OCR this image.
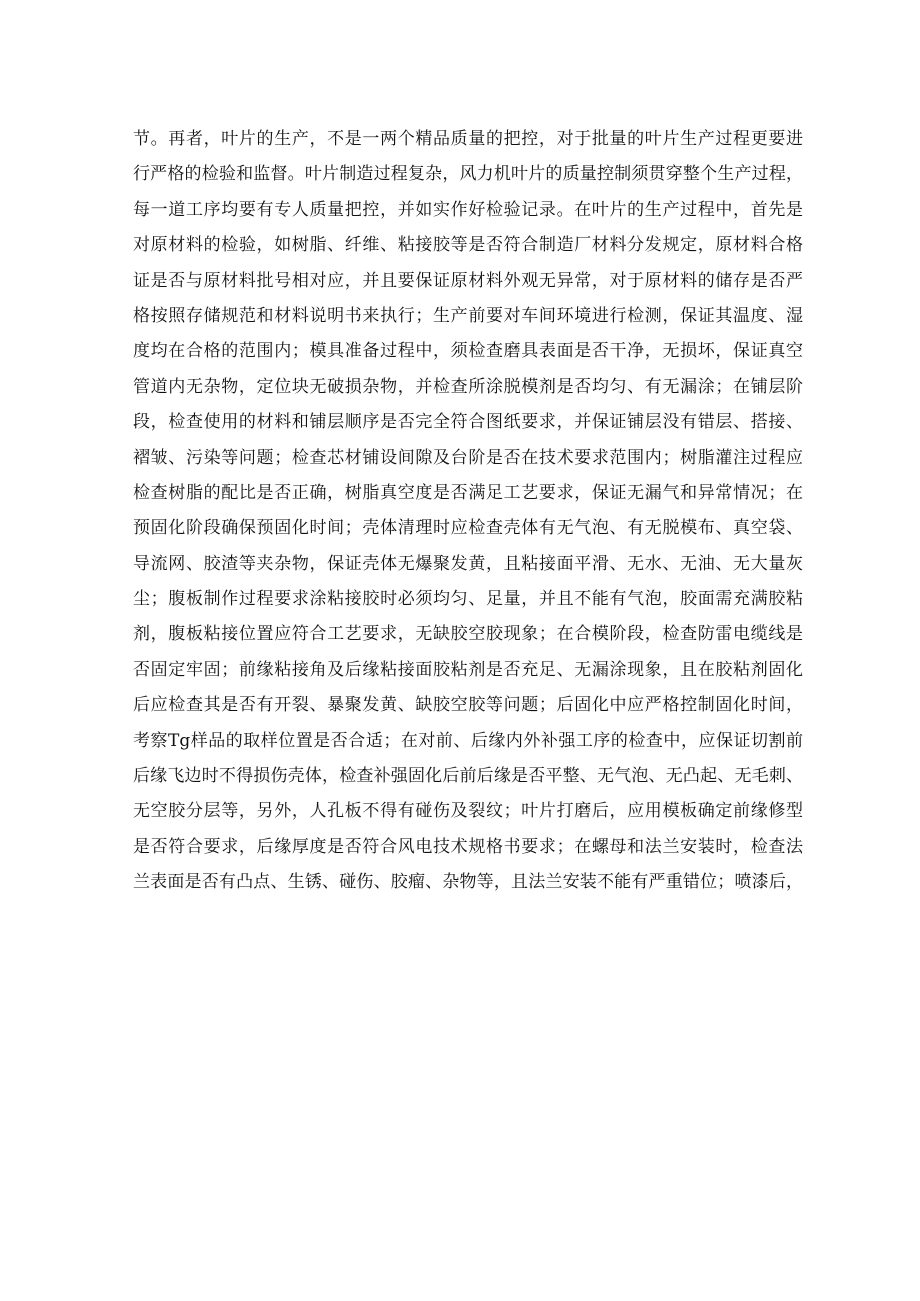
节。再者，叶片的生产，不是一两个精品质量的把控，对于批量的叶片生产过程更要进
行严格的检验和监督。叶片制造过程复杂，风力机叶片的质量控制须贯穿整个生产过程，
每一道工序均要有专人质量把控，并如实作好检验记录。在叶片的生产过程中，首先是
对原材料的检验，如树脂、纤维、粘接胶等是否符合制造厂材料分发规定，原材料合格
证是否与原材料批号相对应，并且要保证原材料外观无异常，对于原材料的储存是否严
格按照存储规范和材料说明书来执行；生产前要对车间环境进行检测，保证其温度、湿
度均在合格的范围内；模具准备过程中，须检查磨具表面是否干净，无损坏，保证真空
管道内无杂物，定位块无破损杂物，并检查所涂脱模剂是否均匀、有无漏涂；在铺层阶
段，检查使用的材料和铺层顺序是否完全符合图纸要求，并保证铺层没有错层、搭接、
褶皱、污染等问题；检查芯材铺设间隙及台阶是否在技术要求范围内；树脂灌注过程应
检查树脂的配比是否正确，树脂真空度是否满足工艺要求，保证无漏气和异常情况；在
预固化阶段确保预固化时间；壳体清理时应检查壳体有无气泡、有无脱模布、真空袋、
导流网、胶渣等夹杂物，保证壳体无爆聚发黄，且粘接面平滑、无水、无油、无大量灰
尘；腹板制作过程要求涂粘接胶时必须均匀、足量，并且不能有气泡，胶面需充满胶粘
剂，腹板粘接位置应符合工艺要求，无缺胶空胶现象；在合模阶段，检查防雷电缆线是
否固定牢固；前缘粘接角及后缘粘接面胶粘剂是否充足、无漏涂现象，且在胶粘剂固化
后应检查其是否有开裂、暴聚发黄、缺胶空胶等问题；后固化中应严格控制固化时间，
考察Tg样品的取样位置是否合适；在对前、后缘内外补强工序的检查中，应保证切割前
后缘飞边时不得损伤壳体，检查补强固化后前后缘是否平整、无气泡、无凸起、无毛刺、
无空胶分层等，另外，人孔板不得有碰伤及裂纹；叶片打磨后，应用模板确定前缘修型
是否符合要求，后缘厚度是否符合风电技术规格书要求；在螺母和法兰安装时，检查法
兰表面是否有凸点、生锈、碰伤、胶瘤、杂物等，且法兰安装不能有严重错位；喷漆后，
